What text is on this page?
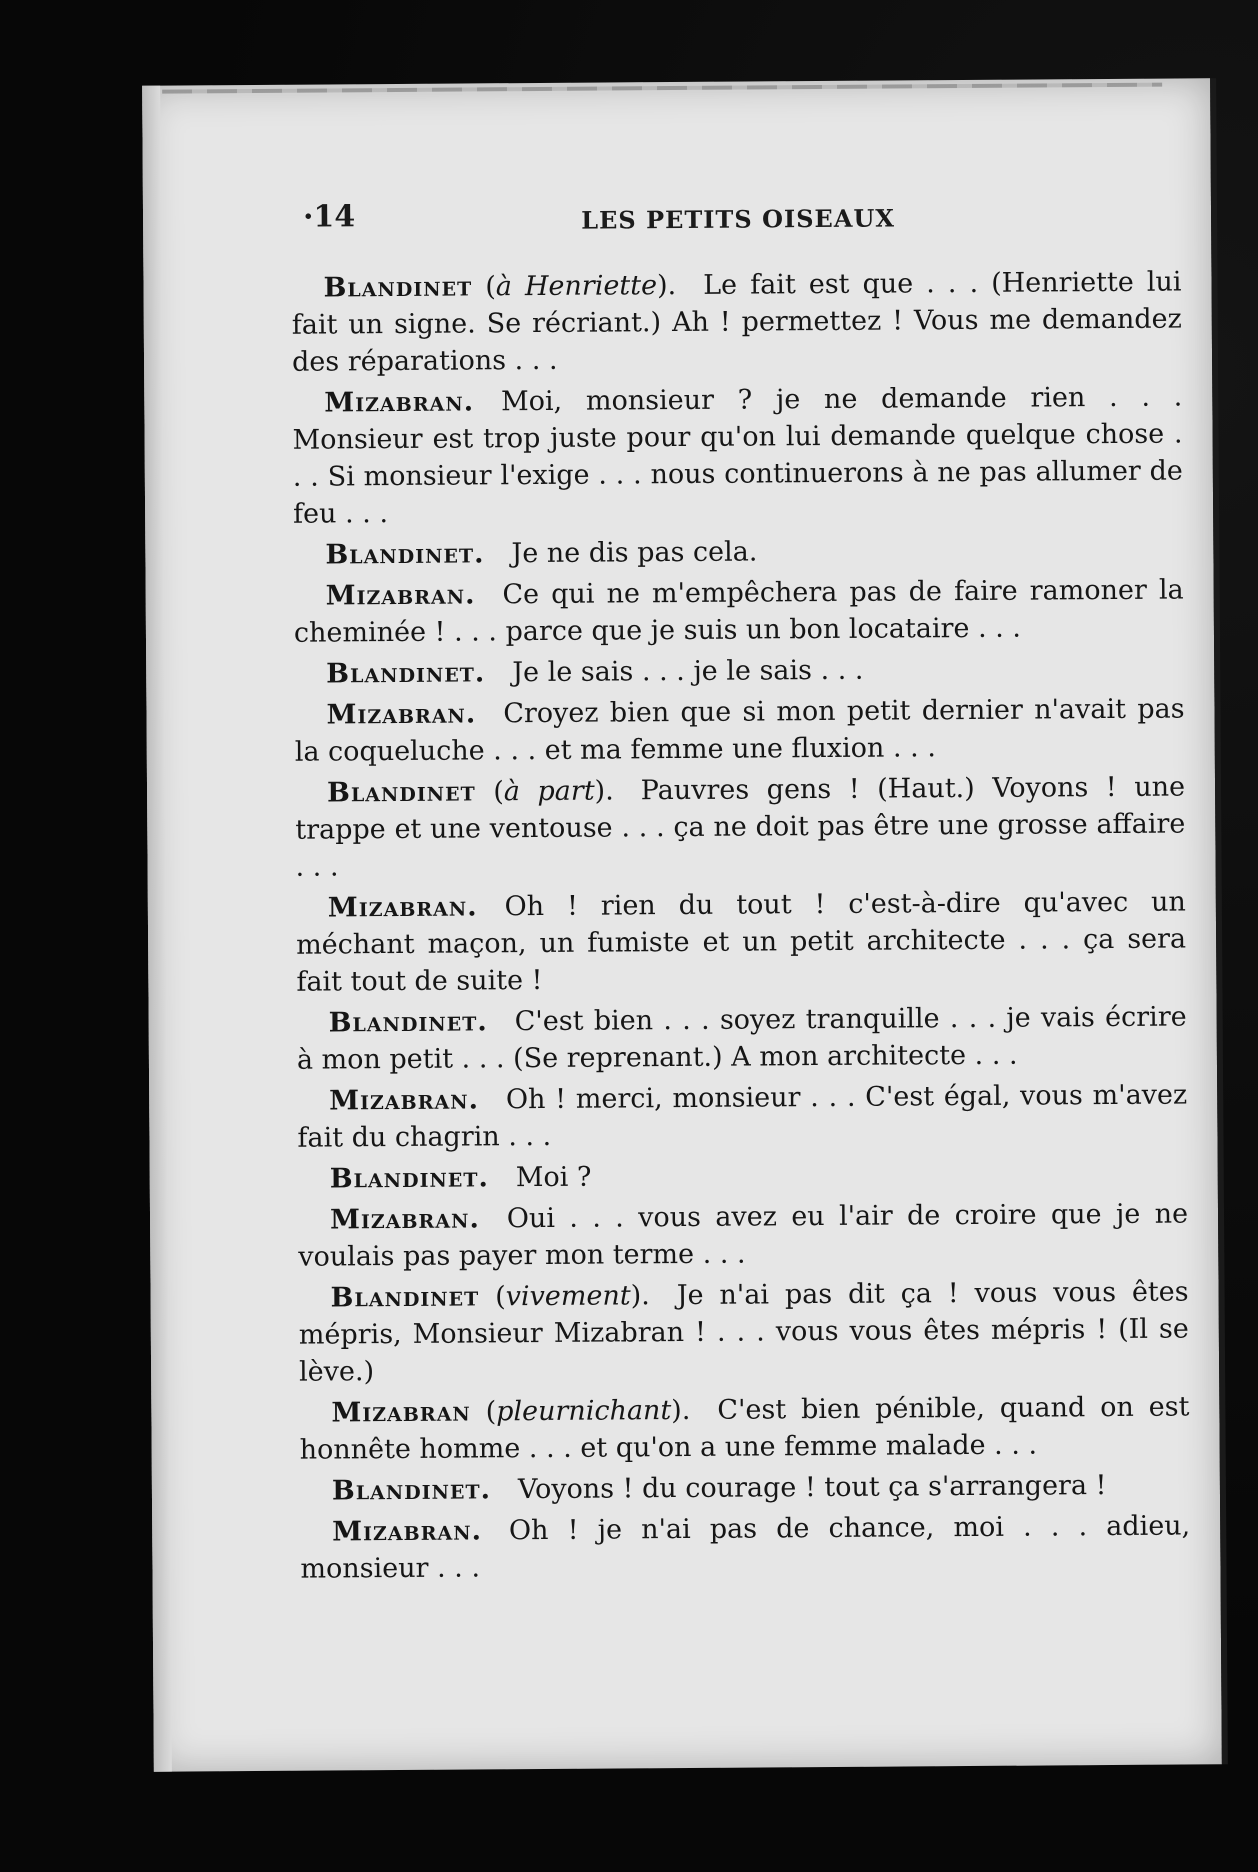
·14	LES PETITS OISEAUX

Blandinet (à Henriette).  Le fait est que . . . (Henriette lui fait un signe. Se récriant.) Ah ! permettez ! Vous me demandez des réparations . . .

Mizabran.  Moi, monsieur ? je ne demande rien . . . Monsieur est trop juste pour qu'on lui demande quelque chose . . . Si monsieur l'exige . . . nous continuerons à ne pas allumer de feu . . .

Blandinet.  Je ne dis pas cela.

Mizabran.  Ce qui ne m'empêchera pas de faire ramoner la cheminée ! . . . parce que je suis un bon locataire . . .

Blandinet.  Je le sais . . . je le sais . . .

Mizabran.  Croyez bien que si mon petit dernier n'avait pas la coqueluche . . . et ma femme une fluxion . . .

Blandinet (à part).  Pauvres gens ! (Haut.) Voyons ! une trappe et une ventouse . . . ça ne doit pas être une grosse affaire . . .

Mizabran.  Oh ! rien du tout ! c'est-à-dire qu'avec un méchant maçon, un fumiste et un petit architecte . . . ça sera fait tout de suite !

Blandinet.  C'est bien . . . soyez tranquille . . . je vais écrire à mon petit . . . (Se reprenant.) A mon architecte . . .

Mizabran.  Oh ! merci, monsieur . . . C'est égal, vous m'avez fait du chagrin . . .

Blandinet.  Moi ?

Mizabran.  Oui . . . vous avez eu l'air de croire que je ne voulais pas payer mon terme . . .

Blandinet (vivement).  Je n'ai pas dit ça ! vous vous êtes mépris, Monsieur Mizabran ! . . . vous vous êtes mépris ! (Il se lève.)

Mizabran (pleurnichant).  C'est bien pénible, quand on est honnête homme . . . et qu'on a une femme malade . . .

Blandinet.  Voyons ! du courage ! tout ça s'arrangera !

Mizabran.  Oh ! je n'ai pas de chance, moi . . . adieu, monsieur . . .
